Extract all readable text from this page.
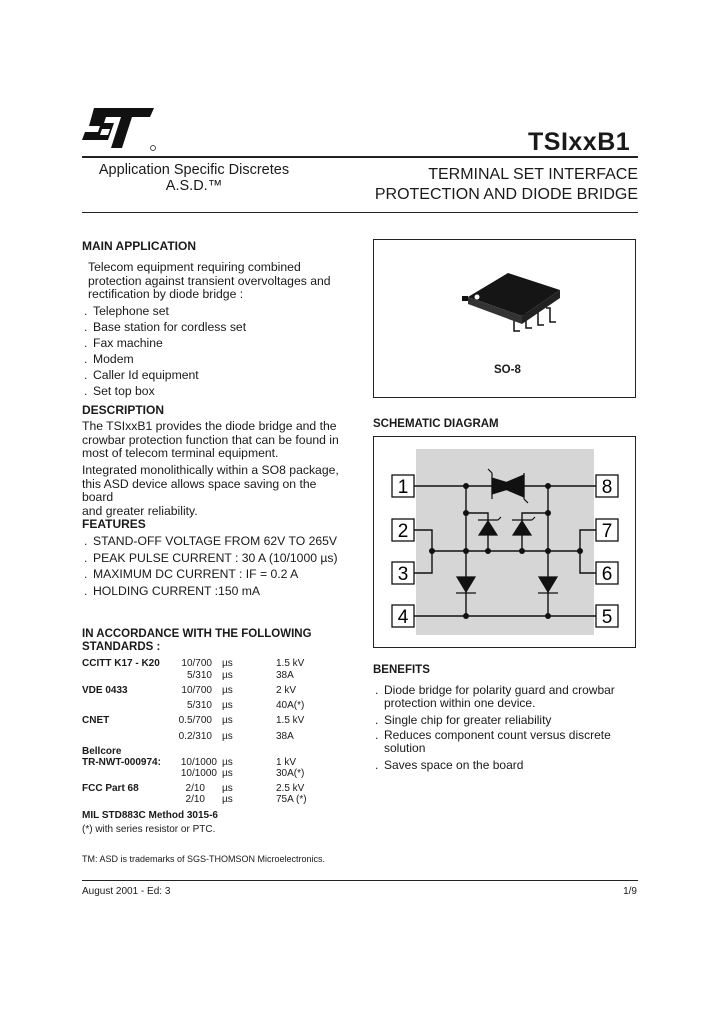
TSIxxB1
Application Specific Discretes
A.S.D.™
TERMINAL SET INTERFACE
PROTECTION AND DIODE BRIDGE
MAIN APPLICATION
Telecom equipment requiring combined
protection against transient overvoltages and
rectification by diode bridge :
. Telephone set
. Base station for cordless set
. Fax machine
. Modem
. Caller Id equipment
. Set top box
DESCRIPTION
The TSIxxB1 provides the diode bridge and the
crowbar protection function that can be found in
most of telecom terminal equipment.
Integrated monolithically within a SO8 package,
this ASD device allows space saving on the board
and greater reliability.
FEATURES
. STAND-OFF VOLTAGE FROM 62V TO 265V
. PEAK PULSE CURRENT : 30 A (10/1000 µs)
. MAXIMUM DC CURRENT : IF = 0.2 A
. HOLDING CURRENT :150 mA
IN ACCORDANCE WITH THE FOLLOWING
STANDARDS :
CCITT K17 - K20	10/700 µs	1.5 kV
5/310 µs	38A
VDE 0433	10/700 µs	2 kV
5/310 µs	40A(*)
CNET	0.5/700 µs	1.5 kV
0.2/310 µs	38A
Bellcore
TR-NWT-000974:	10/1000 µs	1 kV
10/1000 µs	30A(*)
FCC Part 68	2/10 µs	2.5 kV
2/10 µs	75A (*)
MIL STD883C Method 3015-6
(*) with series resistor or PTC.
SO-8
SCHEMATIC DIAGRAM
1
2
3
4	5
6
7
8
BENEFITS
. Diode bridge for polarity guard and crowbar
protection within one device.
. Single chip for greater reliability
. Reduces component count versus discrete
solution
. Saves space on the board
TM: ASD is trademarks of SGS-THOMSON Microelectronics.
August 2001 - Ed: 3	1/9
